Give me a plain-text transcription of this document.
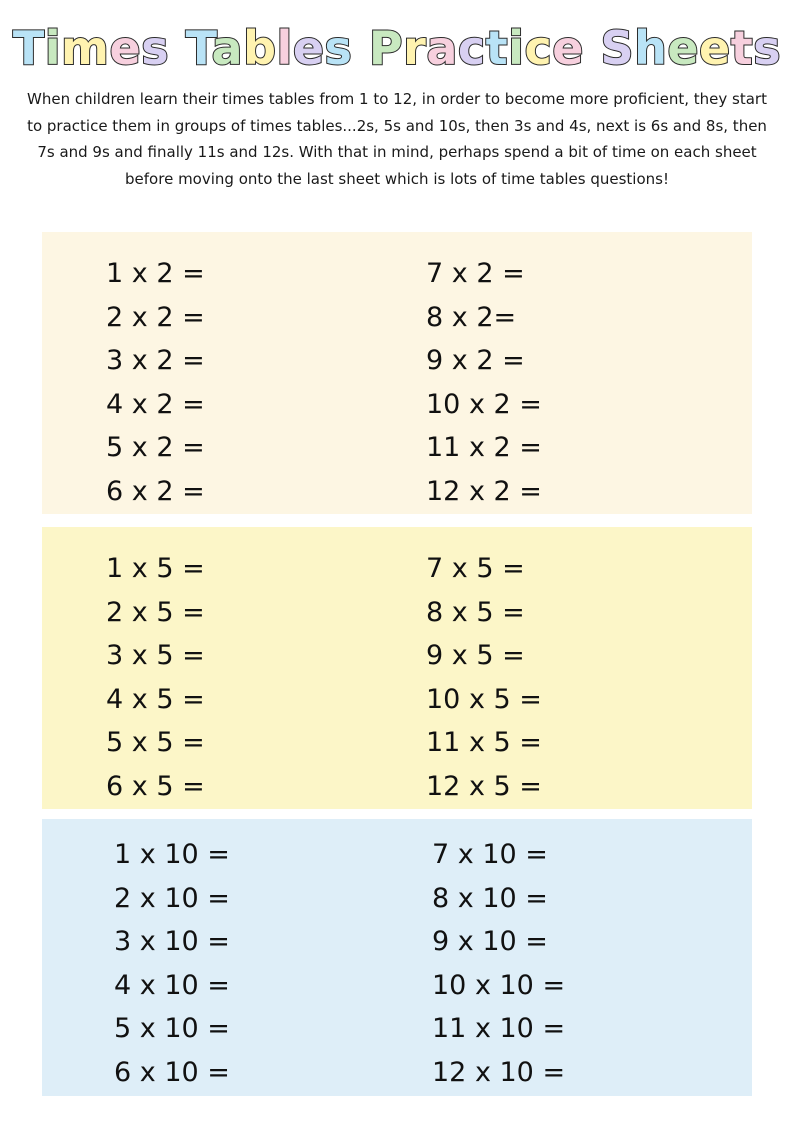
Times Tables Practice Sheets
When children learn their times tables from 1 to 12, in order to become more proficient, they start to practice them in groups of times tables...2s, 5s and 10s, then 3s and 4s, next is 6s and 8s, then 7s and 9s and finally 11s and 12s. With that in mind, perhaps spend a bit of time on each sheet before moving onto the last sheet which is lots of time tables questions!
1 x 2 =
2 x 2 =
3 x 2 =
4 x 2 =
5 x 2 =
6 x 2 =
7 x 2 =
8 x 2=
9 x 2 =
10 x 2 =
11 x 2 =
12 x 2 =
1 x 5 =
2 x 5 =
3 x 5 =
4 x 5 =
5 x 5 =
6 x 5 =
7 x 5 =
8 x 5 =
9 x 5 =
10 x 5 =
11 x 5 =
12 x 5 =
1 x 10 =
2 x 10 =
3 x 10 =
4 x 10 =
5 x 10 =
6 x 10 =
7 x 10 =
8 x 10 =
9 x 10 =
10 x 10 =
11 x 10 =
12 x 10 =
